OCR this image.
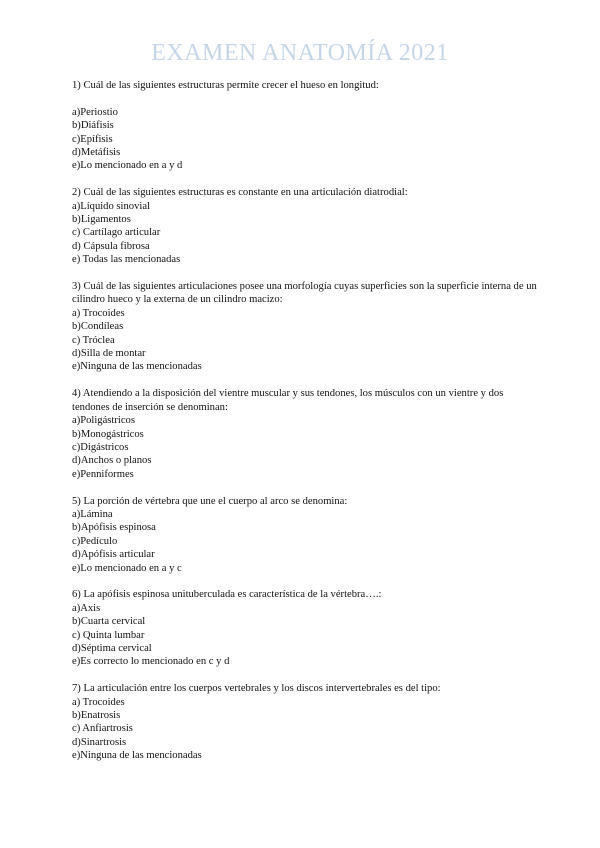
EXAMEN ANATOMÍA 2021
1) Cuál de las siguientes estructuras permite crecer el hueso en longitud:
a)Periostio
b)Diáfisis
c)Epífisis
d)Metáfisis
e)Lo mencionado en a y d
2) Cuál de las siguientes estructuras es constante en una articulación diatrodial:
a)Líquido sinovial
b)Ligamentos
c) Cartílago articular
d) Cápsula fibrosa
e) Todas las mencionadas
3) Cuál de las siguientes articulaciones posee una morfología cuyas superficies son la superficie interna de un cilindro hueco y la externa de un cilindro macizo:
a) Trocoides
b)Condíleas
c) Tróclea
d)Silla de montar
e)Ninguna de las mencionadas
4) Atendiendo a la disposición del vientre muscular y sus tendones, los músculos con un vientre y dos tendones de inserción se denominan:
a)Poligástricos
b)Monogástricos
c)Digástricos
d)Anchos o planos
e)Penniformes
5) La porción de vértebra que une el cuerpo al arco se denomina:
a)Lámina
b)Apófisis espinosa
c)Pedículo
d)Apófisis articular
e)Lo mencionado en a y c
6) La apófisis espinosa unituberculada es característica de la vértebra….:
a)Axis
b)Cuarta cervical
c) Quinta lumbar
d)Séptima cervical
e)Es correcto lo mencionado en c y d
7) La articulación entre los cuerpos vertebrales y los discos intervertebrales es del tipo:
a) Trocoides
b)Enatrosis
c) Anfiartrosis
d)Sinartrosis
e)Ninguna de las mencionadas
